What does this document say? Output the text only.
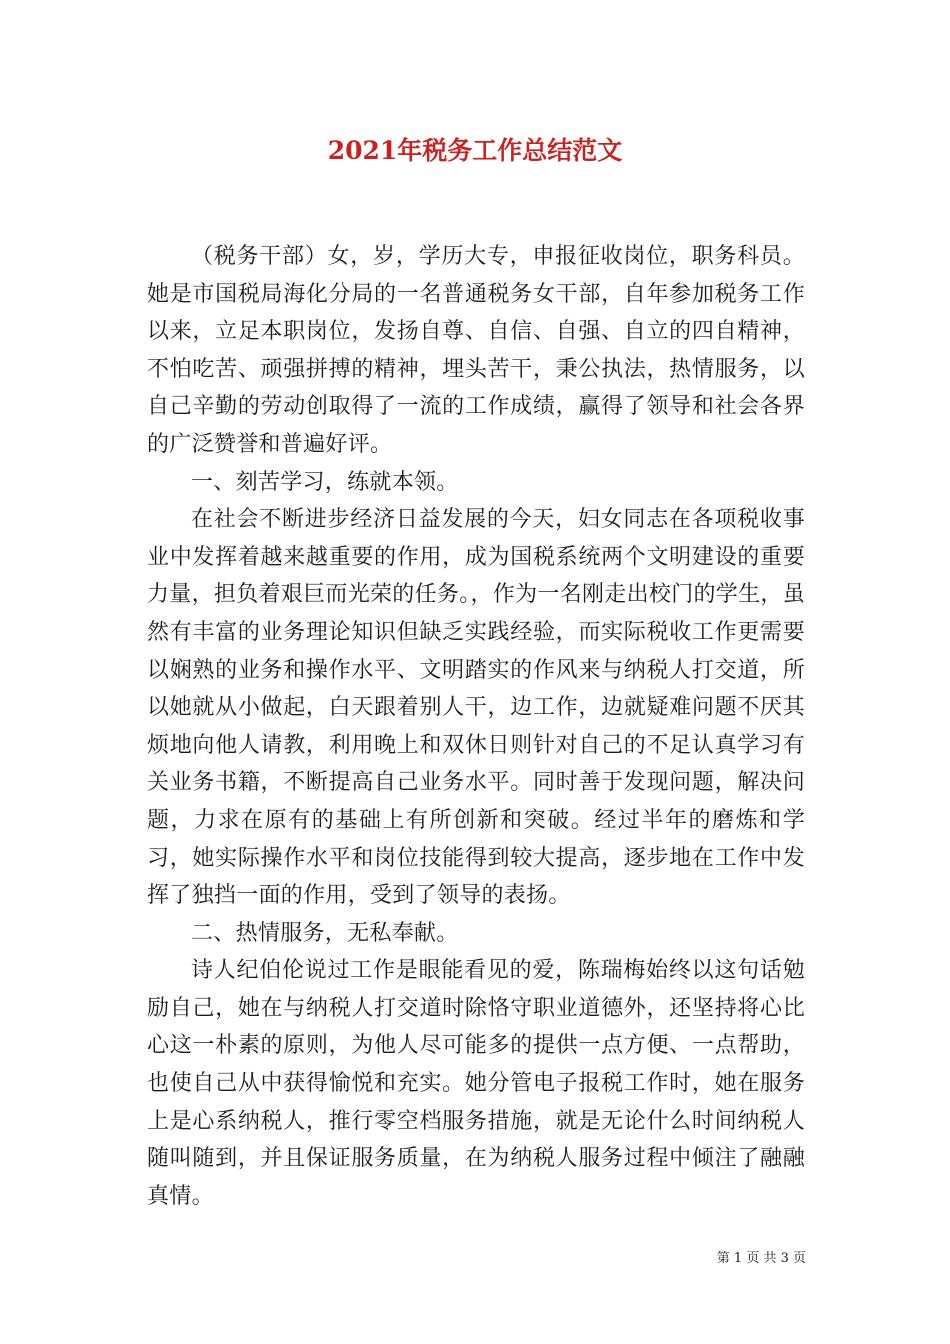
2021年税务工作总结范文

（税务干部）女，岁，学历大专，申报征收岗位，职务科员。她是市国税局海化分局的一名普通税务女干部，自年参加税务工作以来，立足本职岗位，发扬自尊、自信、自强、自立的四自精神，不怕吃苦、顽强拼搏的精神，埋头苦干，秉公执法，热情服务，以自己辛勤的劳动创取得了一流的工作成绩，赢得了领导和社会各界的广泛赞誉和普遍好评。

一、刻苦学习，练就本领。

在社会不断进步经济日益发展的今天，妇女同志在各项税收事业中发挥着越来越重要的作用，成为国税系统两个文明建设的重要力量，担负着艰巨而光荣的任务。，作为一名刚走出校门的学生，虽然有丰富的业务理论知识但缺乏实践经验，而实际税收工作更需要以娴熟的业务和操作水平、文明踏实的作风来与纳税人打交道，所以她就从小做起，白天跟着别人干，边工作，边就疑难问题不厌其烦地向他人请教，利用晚上和双休日则针对自己的不足认真学习有关业务书籍，不断提高自己业务水平。同时善于发现问题，解决问题，力求在原有的基础上有所创新和突破。经过半年的磨炼和学习，她实际操作水平和岗位技能得到较大提高，逐步地在工作中发挥了独挡一面的作用，受到了领导的表扬。

二、热情服务，无私奉献。

诗人纪伯伦说过工作是眼能看见的爱，陈瑞梅始终以这句话勉励自己，她在与纳税人打交道时除恪守职业道德外，还坚持将心比心这一朴素的原则，为他人尽可能多的提供一点方便、一点帮助，也使自己从中获得愉悦和充实。她分管电子报税工作时，她在服务上是心系纳税人，推行零空档服务措施，就是无论什么时间纳税人随叫随到，并且保证服务质量，在为纳税人服务过程中倾注了融融真情。

第 1 页 共 3 页
